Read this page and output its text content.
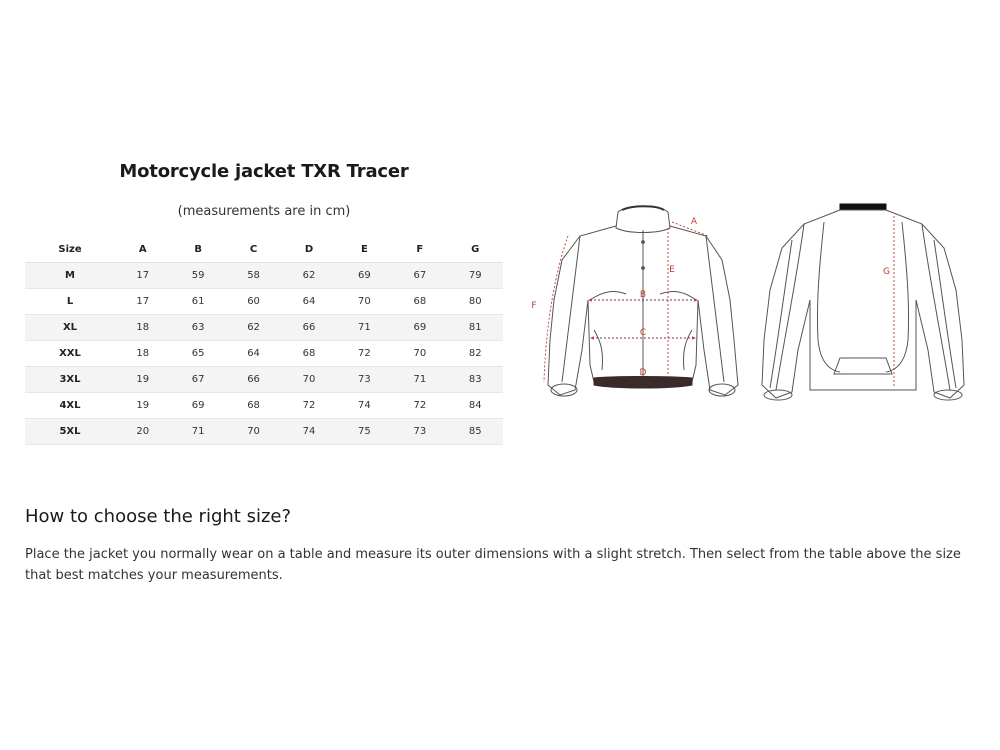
Motorcycle jacket TXR Tracer
(measurements are in cm)
Size	A	B	C	D	E	F	G
M	17	59	58	62	69	67	79
L	17	61	60	64	70	68	80
XL	18	63	62	66	71	69	81
XXL	18	65	64	68	72	70	82
3XL	19	67	66	70	73	71	83
4XL	19	69	68	72	74	72	84
5XL	20	71	70	74	75	73	85
A
B
C
D
E
F
G
How to choose the right size?

Place the jacket you normally wear on a table and measure its outer dimensions with a slight stretch. Then select from the table above the size that best matches your measurements.
